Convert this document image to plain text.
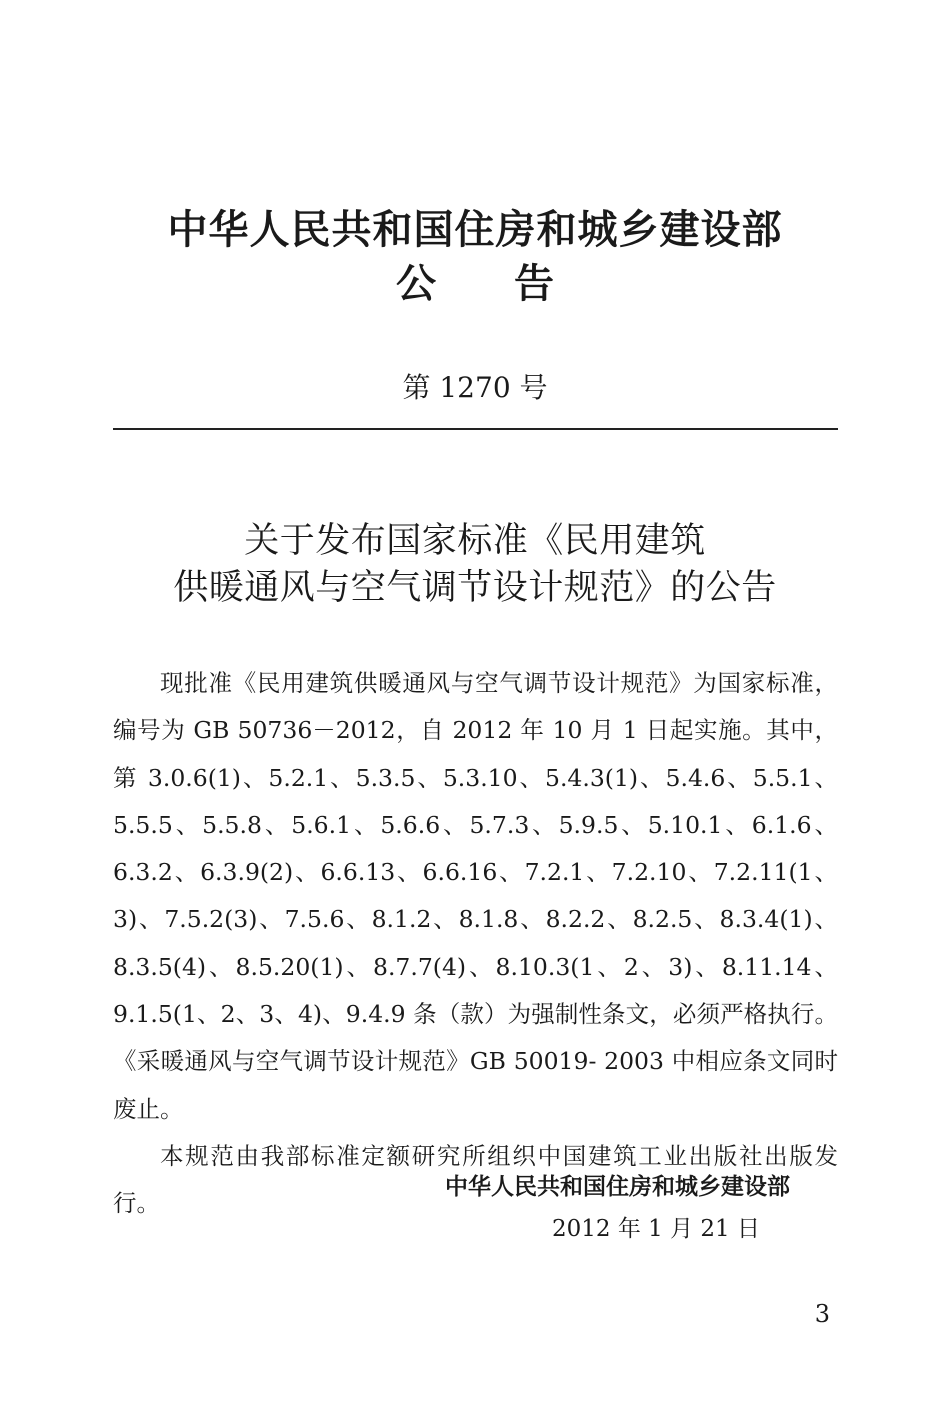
中华人民共和国住房和城乡建设部
公告
第 1270 号
关于发布国家标准《民用建筑
供暖通风与空气调节设计规范》的公告

现批准《民用建筑供暖通风与空气调节设计规范》为国家标准，编号为 GB 50736－2012，自 2012 年 10 月 1 日起实施。其中，第 3.0.6(1)、5.2.1、5.3.5、5.3.10、5.4.3(1)、5.4.6、5.5.1、5.5.5、5.5.8、5.6.1、5.6.6、5.7.3、5.9.5、5.10.1、6.1.6、6.3.2、6.3.9(2)、6.6.13、6.6.16、7.2.1、7.2.10、7.2.11(1、3)、7.5.2(3)、7.5.6、8.1.2、8.1.8、8.2.2、8.2.5、8.3.4(1)、8.3.5(4)、8.5.20(1)、8.7.7(4)、8.10.3(1、2、3)、8.11.14、9.1.5(1、2、3、4)、9.4.9 条（款）为强制性条文，必须严格执行。《采暖通风与空气调节设计规范》GB 50019- 2003 中相应条文同时废止。

本规范由我部标准定额研究所组织中国建筑工业出版社出版发行。

中华人民共和国住房和城乡建设部
2012 年 1 月 21 日
3
